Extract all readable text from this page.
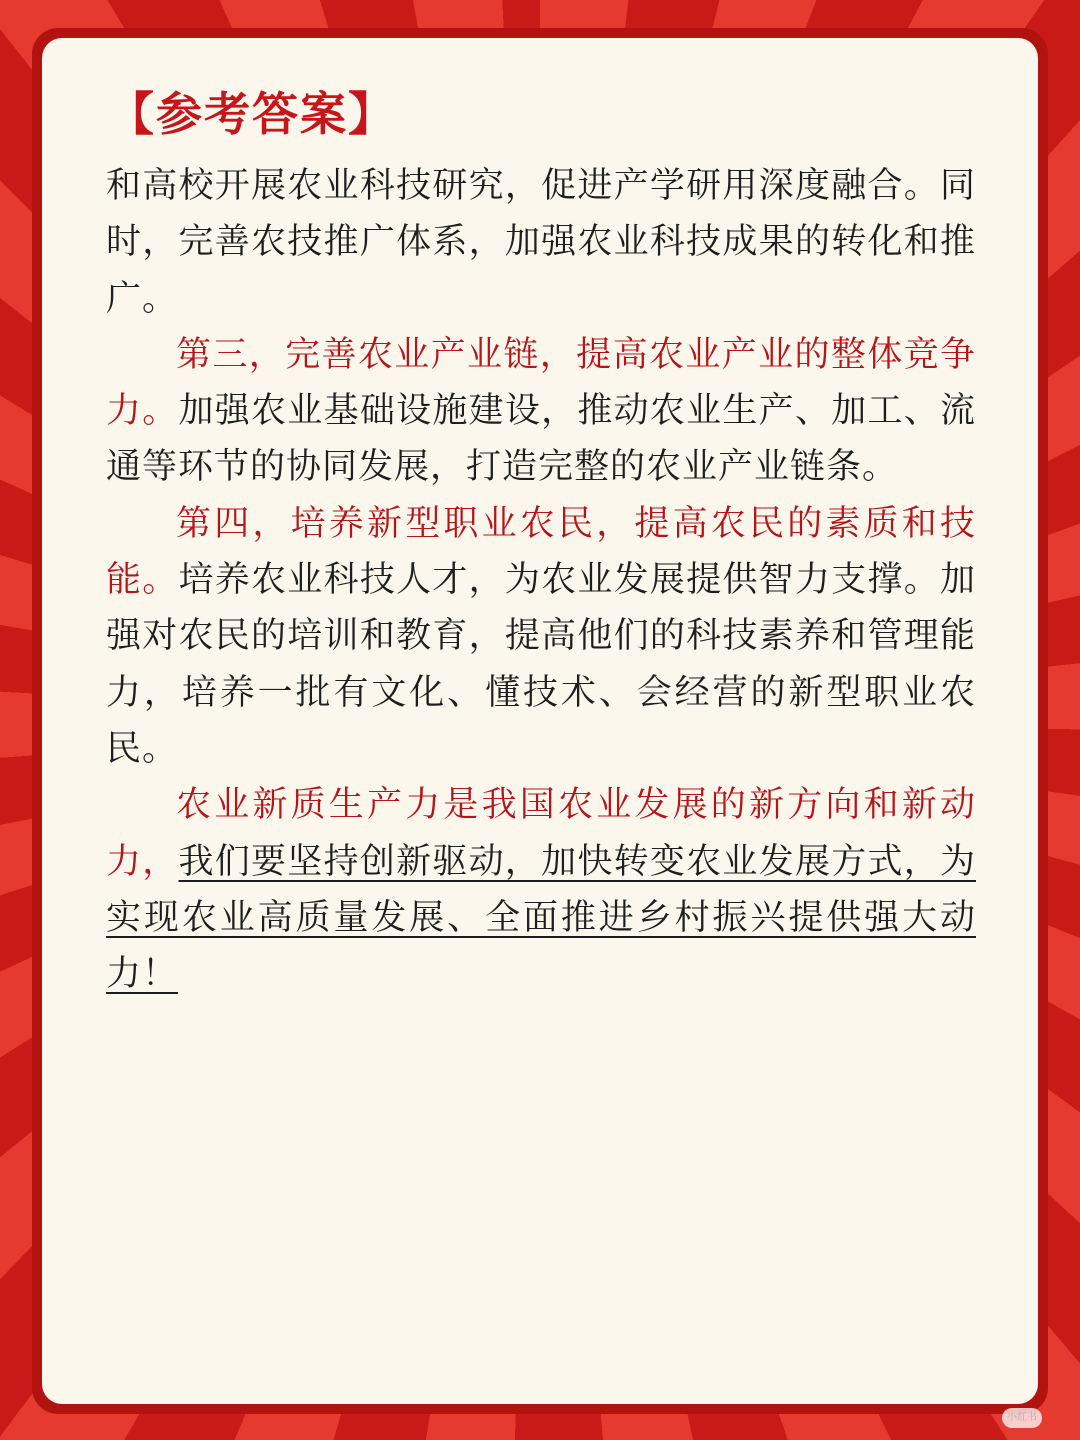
【参考答案】

和高校开展农业科技研究，促进产学研用深度融合。同时，完善农技推广体系，加强农业科技成果的转化和推广。

第三，完善农业产业链，提高农业产业的整体竞争力。加强农业基础设施建设，推动农业生产、加工、流通等环节的协同发展，打造完整的农业产业链条。

第四，培养新型职业农民，提高农民的素质和技能。培养农业科技人才，为农业发展提供智力支撑。加强对农民的培训和教育，提高他们的科技素养和管理能力，培养一批有文化、懂技术、会经营的新型职业农民。

农业新质生产力是我国农业发展的新方向和新动力，我们要坚持创新驱动，加快转变农业发展方式，为实现农业高质量发展、全面推进乡村振兴提供强大动力！

小红书
